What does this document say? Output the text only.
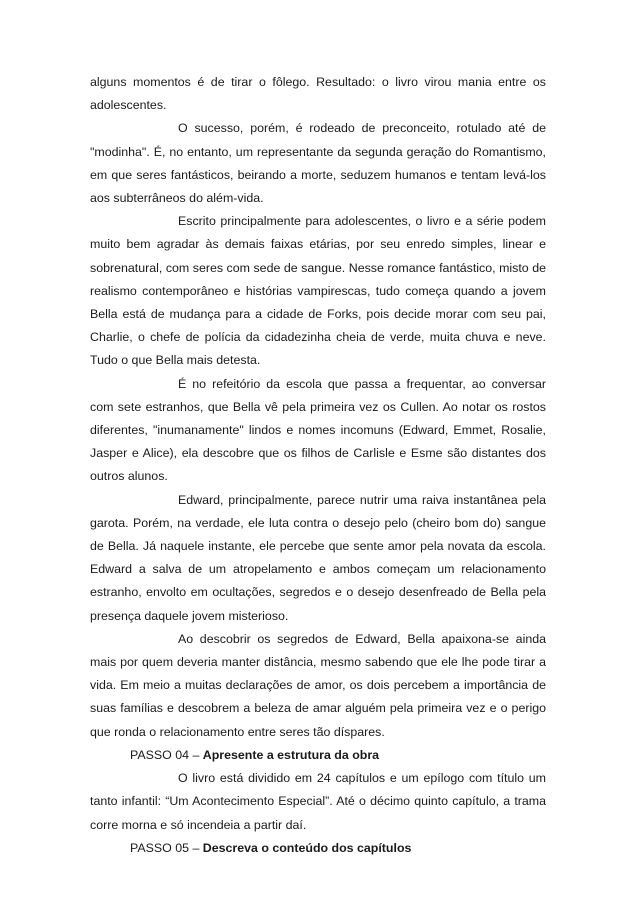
alguns momentos é de tirar o fôlego. Resultado: o livro virou mania entre os adolescentes.

O sucesso, porém, é rodeado de preconceito, rotulado até de "modinha". É, no entanto, um representante da segunda geração do Romantismo, em que seres fantásticos, beirando a morte, seduzem humanos e tentam levá-los aos subterrâneos do além-vida.

Escrito principalmente para adolescentes, o livro e a série podem muito bem agradar às demais faixas etárias, por seu enredo simples, linear e sobrenatural, com seres com sede de sangue. Nesse romance fantástico, misto de realismo contemporâneo e histórias vampirescas, tudo começa quando a jovem Bella está de mudança para a cidade de Forks, pois decide morar com seu pai, Charlie, o chefe de polícia da cidadezinha cheia de verde, muita chuva e neve. Tudo o que Bella mais detesta.

É no refeitório da escola que passa a frequentar, ao conversar com sete estranhos, que Bella vê pela primeira vez os Cullen. Ao notar os rostos diferentes, "inumanamente" lindos e nomes incomuns (Edward, Emmet, Rosalie, Jasper e Alice), ela descobre que os filhos de Carlisle e Esme são distantes dos outros alunos.

Edward, principalmente, parece nutrir uma raiva instantânea pela garota. Porém, na verdade, ele luta contra o desejo pelo (cheiro bom do) sangue de Bella. Já naquele instante, ele percebe que sente amor pela novata da escola. Edward a salva de um atropelamento e ambos começam um relacionamento estranho, envolto em ocultações, segredos e o desejo desenfreado de Bella pela presença daquele jovem misterioso.

Ao descobrir os segredos de Edward, Bella apaixona-se ainda mais por quem deveria manter distância, mesmo sabendo que ele lhe pode tirar a vida. Em meio a muitas declarações de amor, os dois percebem a importância de suas famílias e descobrem a beleza de amar alguém pela primeira vez e o perigo que ronda o relacionamento entre seres tão díspares.

PASSO 04 – Apresente a estrutura da obra

O livro está dividido em 24 capítulos e um epílogo com título um tanto infantil: “Um Acontecimento Especial”. Até o décimo quinto capítulo, a trama corre morna e só incendeia a partir daí.

PASSO 05 – Descreva o conteúdo dos capítulos
